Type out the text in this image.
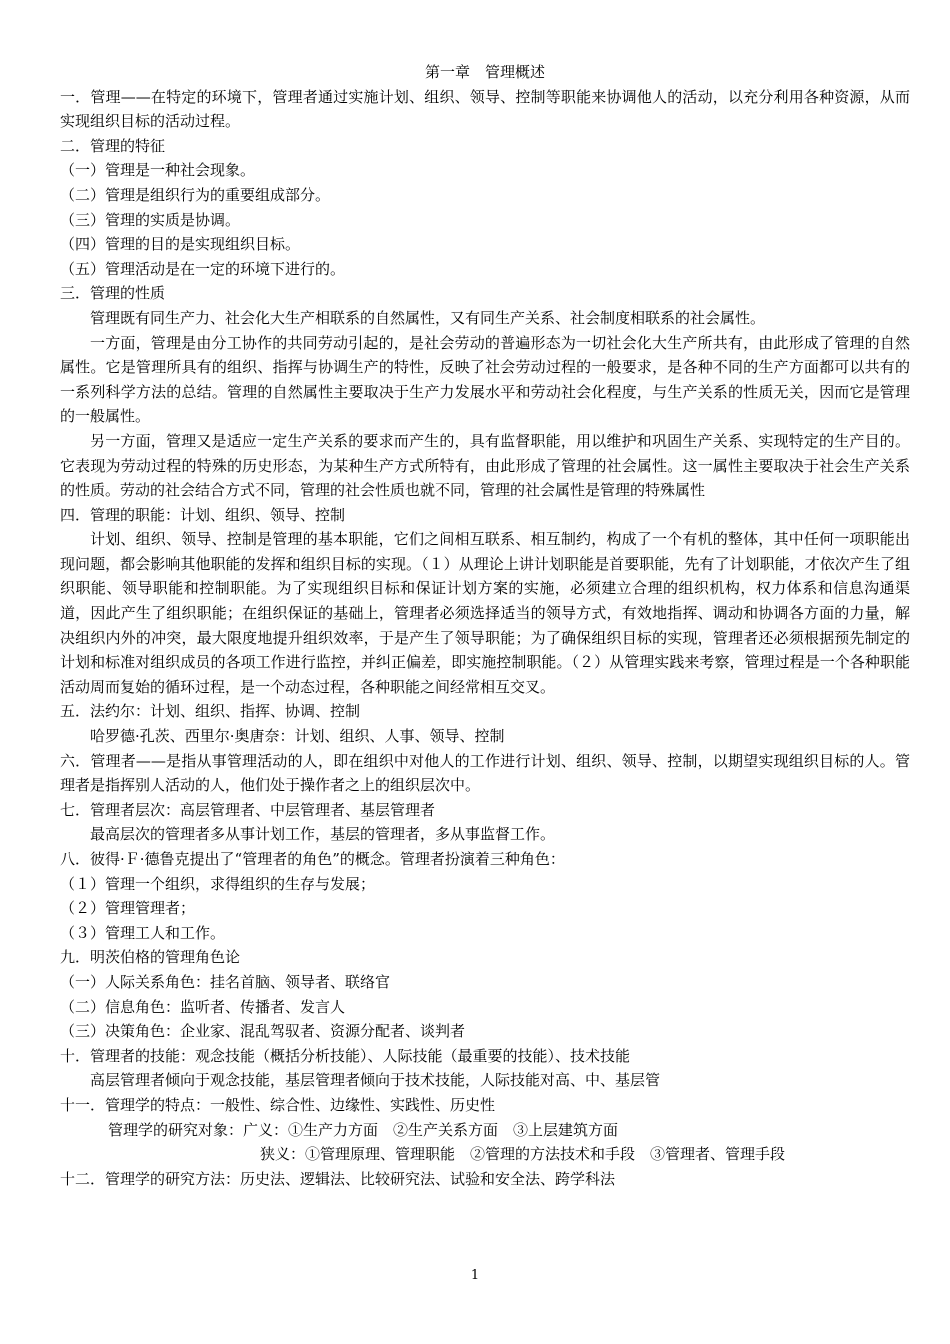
第一章　管理概述

一．管理——在特定的环境下，管理者通过实施计划、组织、领导、控制等职能来协调他人的活动，以充分利用各种资源，从而实现组织目标的活动过程。

二．管理的特征

（一）管理是一种社会现象。

（二）管理是组织行为的重要组成部分。

（三）管理的实质是协调。

（四）管理的目的是实现组织目标。

（五）管理活动是在一定的环境下进行的。

三．管理的性质

管理既有同生产力、社会化大生产相联系的自然属性，又有同生产关系、社会制度相联系的社会属性。

一方面，管理是由分工协作的共同劳动引起的，是社会劳动的普遍形态为一切社会化大生产所共有，由此形成了管理的自然属性。它是管理所具有的组织、指挥与协调生产的特性，反映了社会劳动过程的一般要求，是各种不同的生产方面都可以共有的一系列科学方法的总结。管理的自然属性主要取决于生产力发展水平和劳动社会化程度，与生产关系的性质无关，因而它是管理的一般属性。

另一方面，管理又是适应一定生产关系的要求而产生的，具有监督职能，用以维护和巩固生产关系、实现特定的生产目的。它表现为劳动过程的特殊的历史形态，为某种生产方式所特有，由此形成了管理的社会属性。这一属性主要取决于社会生产关系的性质。劳动的社会结合方式不同，管理的社会性质也就不同，管理的社会属性是管理的特殊属性

四．管理的职能：计划、组织、领导、控制

计划、组织、领导、控制是管理的基本职能，它们之间相互联系、相互制约，构成了一个有机的整体，其中任何一项职能出现问题，都会影响其他职能的发挥和组织目标的实现。（１）从理论上讲计划职能是首要职能，先有了计划职能，才依次产生了组织职能、领导职能和控制职能。为了实现组织目标和保证计划方案的实施，必须建立合理的组织机构，权力体系和信息沟通渠道，因此产生了组织职能；在组织保证的基础上，管理者必须选择适当的领导方式，有效地指挥、调动和协调各方面的力量，解决组织内外的冲突，最大限度地提升组织效率，于是产生了领导职能；为了确保组织目标的实现，管理者还必须根据预先制定的计划和标准对组织成员的各项工作进行监控，并纠正偏差，即实施控制职能。（２）从管理实践来考察，管理过程是一个各种职能活动周而复始的循环过程，是一个动态过程，各种职能之间经常相互交叉。

五．法约尔：计划、组织、指挥、协调、控制

哈罗德·孔茨、西里尔·奥唐奈：计划、组织、人事、领导、控制

六．管理者——是指从事管理活动的人，即在组织中对他人的工作进行计划、组织、领导、控制，以期望实现组织目标的人。管理者是指挥别人活动的人，他们处于操作者之上的组织层次中。

七．管理者层次：高层管理者、中层管理者、基层管理者

最高层次的管理者多从事计划工作，基层的管理者，多从事监督工作。

八．彼得·Ｆ·德鲁克提出了“管理者的角色”的概念。管理者扮演着三种角色：

（１）管理一个组织，求得组织的生存与发展；

（２）管理管理者；

（３）管理工人和工作。

九．明茨伯格的管理角色论

（一）人际关系角色：挂名首脑、领导者、联络官

（二）信息角色：监听者、传播者、发言人

（三）决策角色：企业家、混乱驾驭者、资源分配者、谈判者

十．管理者的技能：观念技能（概括分析技能）、人际技能（最重要的技能）、技术技能

高层管理者倾向于观念技能，基层管理者倾向于技术技能，人际技能对高、中、基层管

十一．管理学的特点：一般性、综合性、边缘性、实践性、历史性

管理学的研究对象：广义：①生产力方面　②生产关系方面　③上层建筑方面

狭义：①管理原理、管理职能　②管理的方法技术和手段　③管理者、管理手段

十二．管理学的研究方法：历史法、逻辑法、比较研究法、试验和安全法、跨学科法

1
